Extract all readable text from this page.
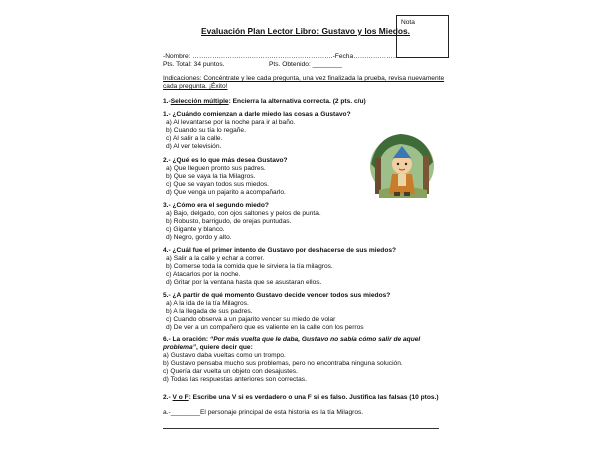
Nota
Evaluación Plan Lector Libro: Gustavo y los Miedos.
-Nombre: ……………………………………………………….-Fecha………………….
Pts. Total: 34 puntos.	Pts. Obtenido: ________
Indicaciones: Concéntrate y lee cada pregunta, una vez finalizada la prueba, revisa nuevamente
cada pregunta. ¡Éxito!
1.-Selección múltiple: Encierra la alternativa correcta. (2 pts. c/u)
1.- ¿Cuándo comienzan a darle miedo las cosas a Gustavo?
a) Al levantarse por la noche para ir al baño.
b) Cuando su tía lo regañe.
c) Al salir a la calle.
d) Al ver televisión.
2.- ¿Qué es lo que más desea Gustavo?
a) Que lleguen pronto sus padres.
b) Que se vaya la tía Milagros.
c) Que se vayan todos sus miedos.
d) Que venga un pajarito a acompañarlo.
3.- ¿Cómo era el segundo miedo?
a) Bajo, delgado, con ojos saltones y pelos de punta.
b) Robusto, barrigudo, de orejas puntudas.
c) Gigante y blanco.
d) Negro, gordo y alto.
4.- ¿Cuál fue el primer intento de Gustavo por deshacerse de sus miedos?
a) Salir a la calle y echar a correr.
b) Comerse toda la comida que le sirviera la tía milagros.
c) Atacarlos por la noche.
d) Gritar por la ventana hasta que se asustaran ellos.
5.- ¿A partir de qué momento Gustavo decide vencer todos sus miedos?
a) A la ida de la tía Milagros.
b) A la llegada de sus padres.
c) Cuando observa a un pajarito vencer su miedo de volar
d) De ver a un compañero que es valiente en la calle con los perros
6.- La oración: “Por más vuelta que le daba, Gustavo no sabía cómo salir de aquel
problema”, quiere decir que:
a) Gustavo daba vueltas como un trompo.
b) Gustavo pensaba mucho sus problemas, pero no encontraba ninguna solución.
c) Quería dar vuelta un objeto con desajustes.
d) Todas las respuestas anteriores son correctas.
2.- V o F: Escribe una V si es verdadero o una F si es falso. Justifica las falsas (10 ptos.)
a.-________El personaje principal de esta historia es la tía Milagros.
